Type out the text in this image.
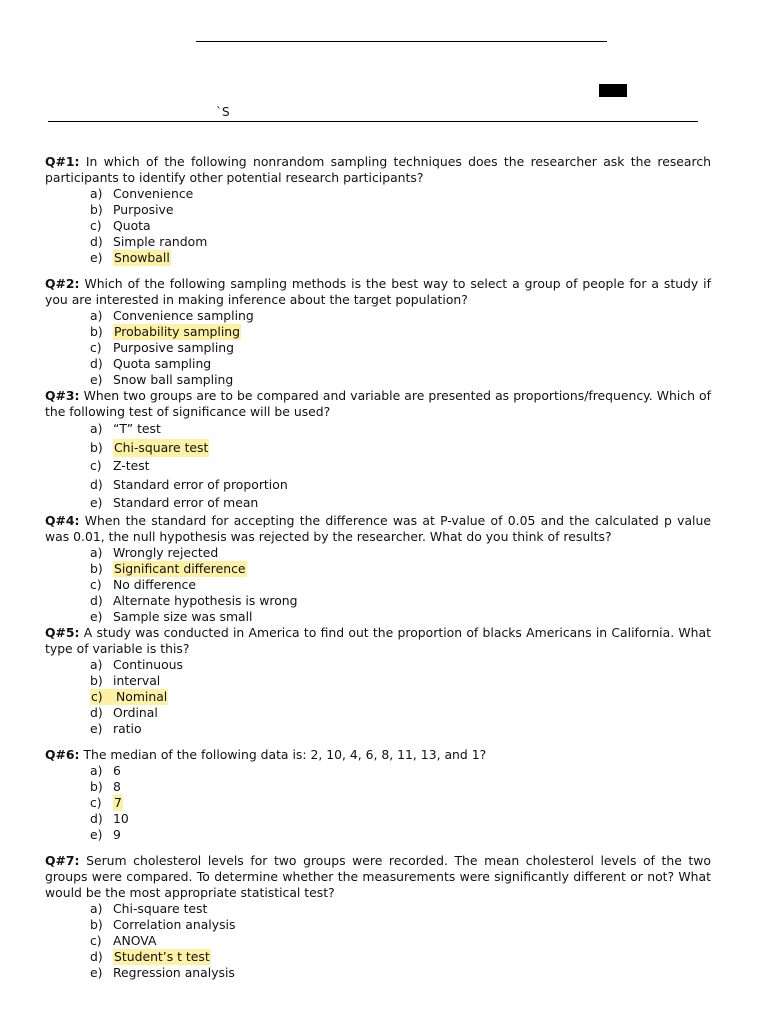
`S

Q#1: In which of the following nonrandom sampling techniques does the researcher ask the research participants to identify other potential research participants?

a) Convenience
b) Purposive
c) Quota
d) Simple random
e) Snowball

Q#2: Which of the following sampling methods is the best way to select a group of people for a study if you are interested in making inference about the target population?

a) Convenience sampling
b) Probability sampling
c) Purposive sampling
d) Quota sampling
e) Snow ball sampling

Q#3: When two groups are to be compared and variable are presented as proportions/frequency. Which of the following test of significance will be used?

a) “T” test
b) Chi-square test
c) Z-test
d) Standard error of proportion
e) Standard error of mean

Q#4: When the standard for accepting the difference was at P-value of 0.05 and the calculated p value was 0.01, the null hypothesis was rejected by the researcher. What do you think of results?

a) Wrongly rejected
b) Significant difference
c) No difference
d) Alternate hypothesis is wrong
e) Sample size was small

Q#5: A study was conducted in America to find out the proportion of blacks Americans in California. What type of variable is this?

a) Continuous
b) interval
c)	Nominal
d) Ordinal
e) ratio

Q#6: The median of the following data is: 2, 10, 4, 6, 8, 11, 13, and 1?

a) 6
b) 8
c) 7
d) 10
e) 9

Q#7: Serum cholesterol levels for two groups were recorded. The mean cholesterol levels of the two groups were compared. To determine whether the measurements were significantly different or not? What would be the most appropriate statistical test?

a) Chi-square test
b) Correlation analysis
c) ANOVA
d) Student’s t test
e) Regression analysis
